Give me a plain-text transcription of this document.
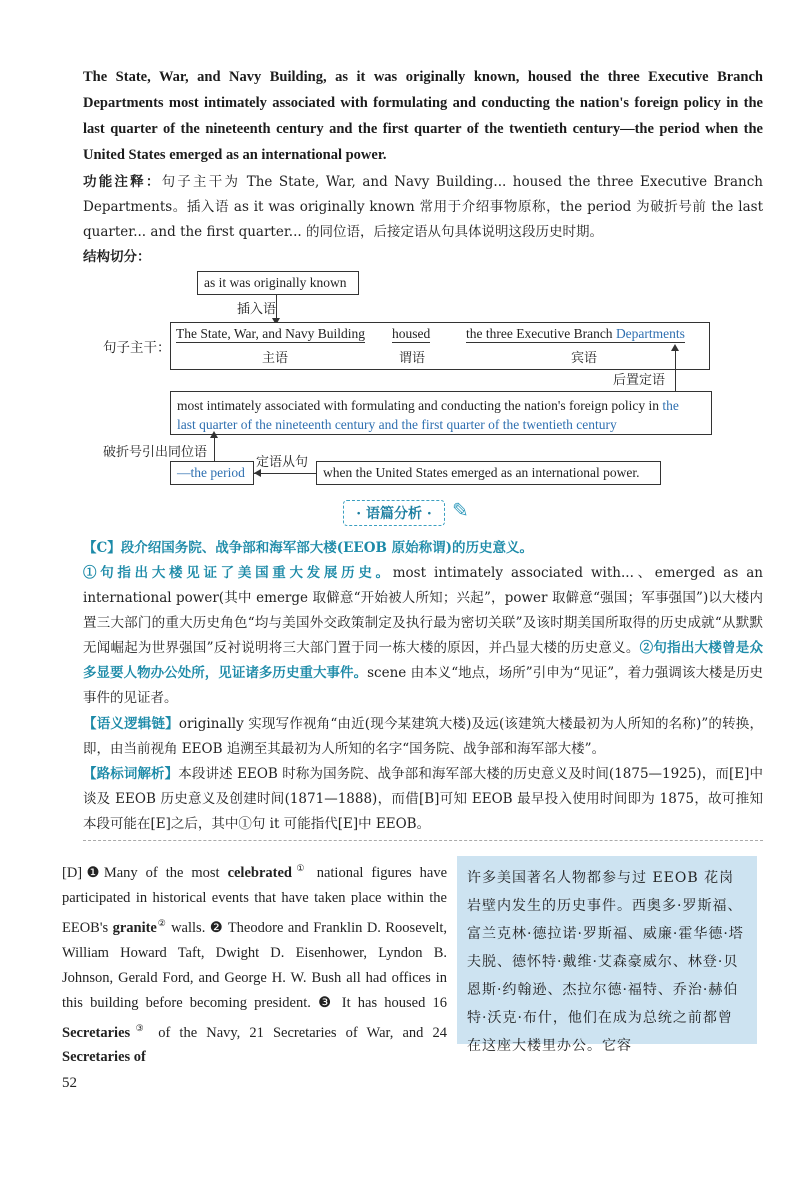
The State, War, and Navy Building, as it was originally known, housed the three Executive Branch Departments most intimately associated with formulating and conducting the nation's foreign policy in the last quarter of the nineteenth century and the first quarter of the twentieth century—the period when the United States emerged as an international power.
功能注释：句子主干为 The State, War, and Navy Building... housed the three Executive Branch Departments。插入语 as it was originally known 常用于介绍事物原称，the period 为破折号前 the last quarter... and the first quarter... 的同位语，后接定语从句具体说明这段历史时期。
结构切分：
as it was originally known
插入语
句子主干：
The State, War, and Navy Building
主语
housed
谓语
the three Executive Branch Departments
宾语
后置定语
most intimately associated with formulating and conducting the nation's foreign policy in the
last quarter of the nineteenth century and the first quarter of the twentieth century
破折号引出同位语
—the period
定语从句
when the United States emerged as an international power.
· 语篇分析 ·	✎
【C】段介绍国务院、战争部和海军部大楼(EEOB 原始称谓)的历史意义。
①句指出大楼见证了美国重大发展历史。most intimately associated with...、emerged as an international power(其中 emerge 取僻意“开始被人所知；兴起”，power 取僻意“强国；军事强国”)以大楼内置三大部门的重大历史角色“均与美国外交政策制定及执行最为密切关联”及该时期美国所取得的历史成就“从默默无闻崛起为世界强国”反衬说明将三大部门置于同一栋大楼的原因，并凸显大楼的历史意义。②句指出大楼曾是众多显要人物办公处所，见证诸多历史重大事件。scene 由本义“地点，场所”引申为“见证”，着力强调该大楼是历史事件的见证者。
【语义逻辑链】originally 实现写作视角“由近(现今某建筑大楼)及远(该建筑大楼最初为人所知的名称)”的转换，即，由当前视角 EEOB 追溯至其最初为人所知的名字“国务院、战争部和海军部大楼”。
【路标词解析】本段讲述 EEOB 时称为国务院、战争部和海军部大楼的历史意义及时间(1875—1925)，而[E]中谈及 EEOB 历史意义及创建时间(1871—1888)，而借[B]可知 EEOB 最早投入使用时间即为 1875，故可推知本段可能在[E]之后，其中①句 it 可能指代[E]中 EEOB。
[D]❶Many of the most celebrated① national figures have participated in historical events that have taken place within the EEOB's granite② walls. ❷ Theodore and Franklin D. Roosevelt, William Howard Taft, Dwight D. Eisenhower, Lyndon B. Johnson, Gerald Ford, and George H. W. Bush all had offices in this building before becoming president. ❸ It has housed 16 Secretaries③ of the Navy, 21 Secretaries of War, and 24 Secretaries of
许多美国著名人物都参与过 EEOB 花岗岩壁内发生的历史事件。西奥多·罗斯福、富兰克林·德拉诺·罗斯福、威廉·霍华德·塔夫脱、德怀特·戴维·艾森豪威尔、林登·贝恩斯·约翰逊、杰拉尔德·福特、乔治·赫伯特·沃克·布什，他们在成为总统之前都曾在这座大楼里办公。它容
52
